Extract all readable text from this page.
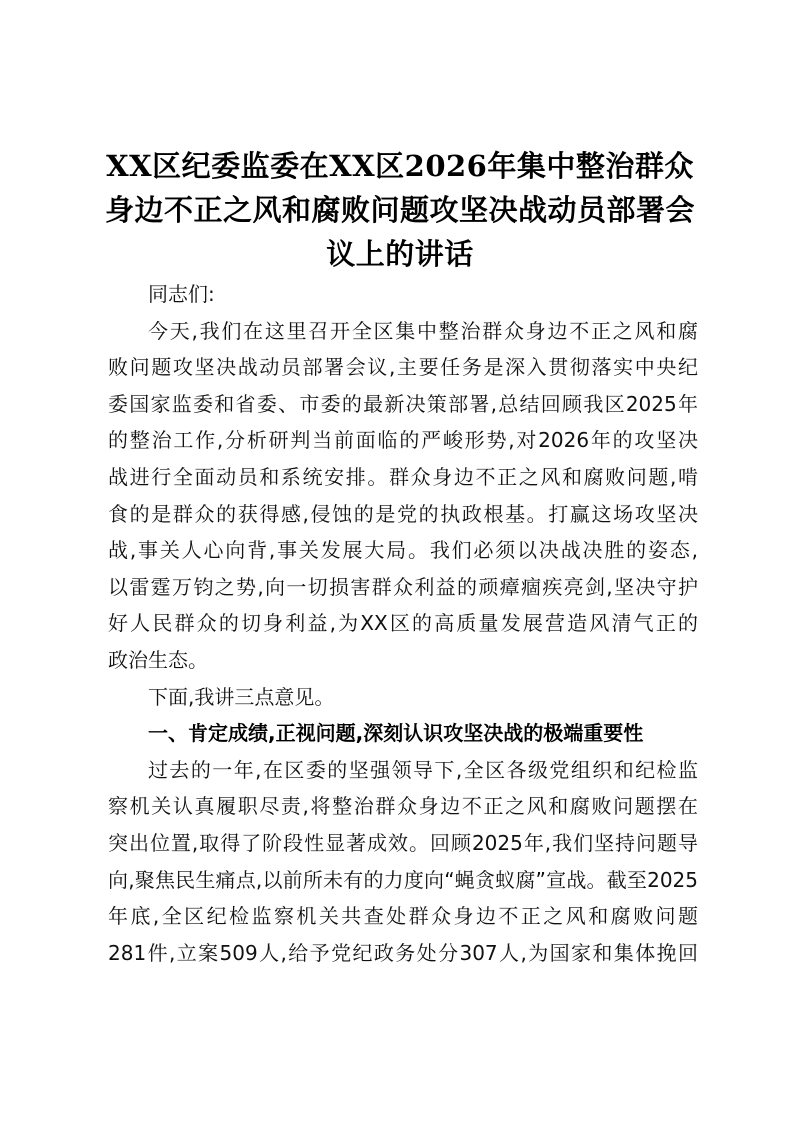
XX区纪委监委在XX区2026年集中整治群众
身边不正之风和腐败问题攻坚决战动员部署会
议上的讲话
同志们:
今天,我们在这里召开全区集中整治群众身边不正之风和腐
败问题攻坚决战动员部署会议,主要任务是深入贯彻落实中央纪
委国家监委和省委、市委的最新决策部署,总结回顾我区2025年
的整治工作,分析研判当前面临的严峻形势,对2026年的攻坚决
战进行全面动员和系统安排。群众身边不正之风和腐败问题,啃
食的是群众的获得感,侵蚀的是党的执政根基。打赢这场攻坚决
战,事关人心向背,事关发展大局。我们必须以决战决胜的姿态,
以雷霆万钧之势,向一切损害群众利益的顽瘴痼疾亮剑,坚决守护
好人民群众的切身利益,为XX区的高质量发展营造风清气正的
政治生态。
下面,我讲三点意见。
一、肯定成绩,正视问题,深刻认识攻坚决战的极端重要性
过去的一年,在区委的坚强领导下,全区各级党组织和纪检监
察机关认真履职尽责,将整治群众身边不正之风和腐败问题摆在
突出位置,取得了阶段性显著成效。回顾2025年,我们坚持问题导
向,聚焦民生痛点,以前所未有的力度向“蝇贪蚁腐”宣战。截至2025
年底,全区纪检监察机关共查处群众身边不正之风和腐败问题
281件,立案509人,给予党纪政务处分307人,为国家和集体挽回
